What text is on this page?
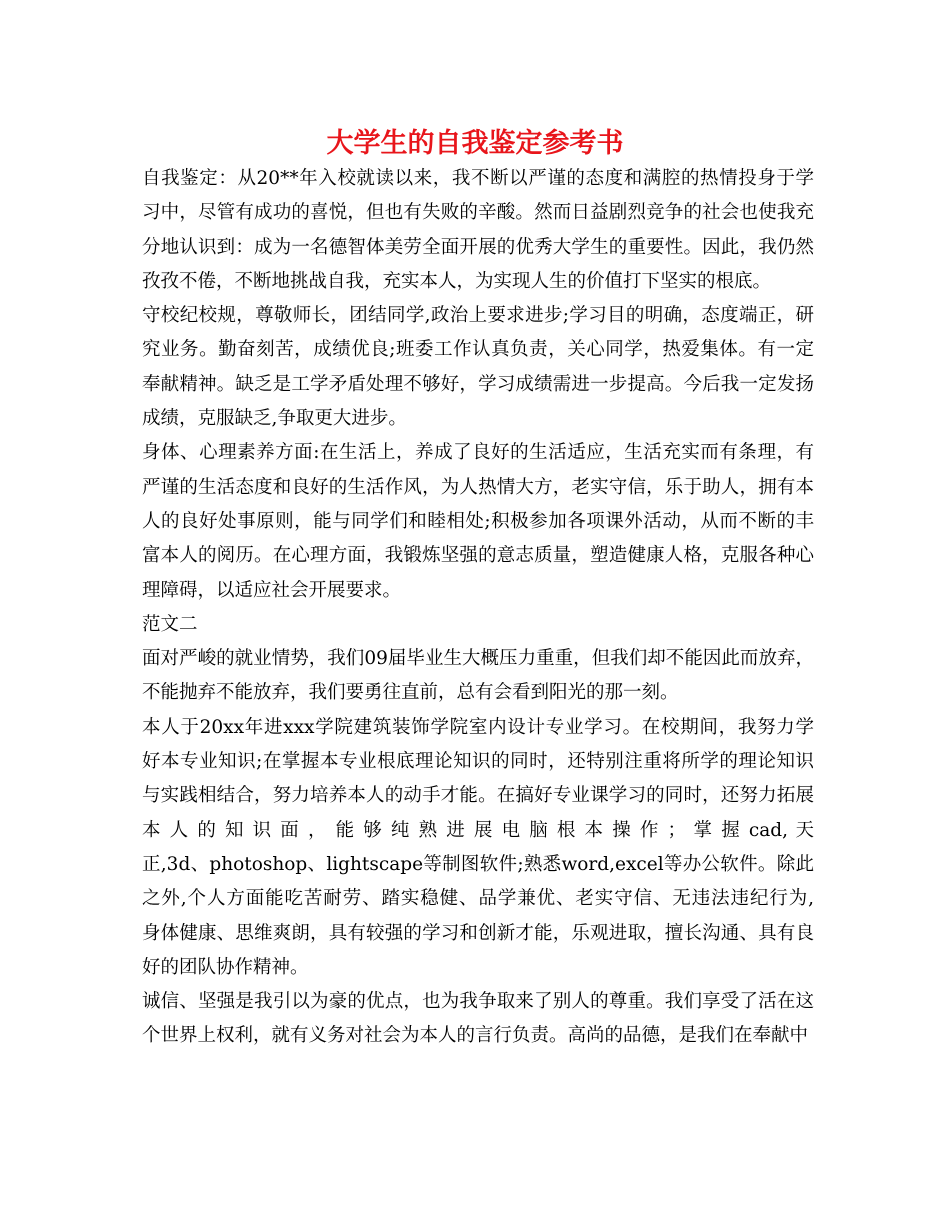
大学生的自我鉴定参考书
自我鉴定：从20**年入校就读以来，我不断以严谨的态度和满腔的热情投身于学
习中，尽管有成功的喜悦，但也有失败的辛酸。然而日益剧烈竞争的社会也使我充
分地认识到：成为一名德智体美劳全面开展的优秀大学生的重要性。因此，我仍然
孜孜不倦，不断地挑战自我，充实本人，为实现人生的价值打下坚实的根底。
守校纪校规，尊敬师长，团结同学,政治上要求进步;学习目的明确，态度端正，研
究业务。勤奋刻苦，成绩优良;班委工作认真负责，关心同学，热爱集体。有一定
奉献精神。缺乏是工学矛盾处理不够好，学习成绩需进一步提高。今后我一定发扬
成绩，克服缺乏,争取更大进步。
身体、心理素养方面:在生活上，养成了良好的生活适应，生活充实而有条理，有
严谨的生活态度和良好的生活作风，为人热情大方，老实守信，乐于助人，拥有本
人的良好处事原则，能与同学们和睦相处;积极参加各项课外活动，从而不断的丰
富本人的阅历。在心理方面，我锻炼坚强的意志质量，塑造健康人格，克服各种心
理障碍，以适应社会开展要求。
范文二
面对严峻的就业情势，我们09届毕业生大概压力重重，但我们却不能因此而放弃，
不能抛弃不能放弃，我们要勇往直前，总有会看到阳光的那一刻。
本人于20xx年进xxx学院建筑装饰学院室内设计专业学习。在校期间，我努力学
好本专业知识;在掌握本专业根底理论知识的同时，还特别注重将所学的理论知识
与实践相结合，努力培养本人的动手才能。在搞好专业课学习的同时，还努力拓展
本 人 的 知 识 面 ， 能 够 纯 熟 进 展 电 脑 根 本 操 作 ； 掌 握 cad, 天
正,3d、photoshop、lightscape等制图软件;熟悉word,excel等办公软件。除此
之外,个人方面能吃苦耐劳、踏实稳健、品学兼优、老实守信、无违法违纪行为,
身体健康、思维爽朗，具有较强的学习和创新才能，乐观进取，擅长沟通、具有良
好的团队协作精神。
诚信、坚强是我引以为豪的优点，也为我争取来了别人的尊重。我们享受了活在这
个世界上权利，就有义务对社会为本人的言行负责。高尚的品德，是我们在奉献中
